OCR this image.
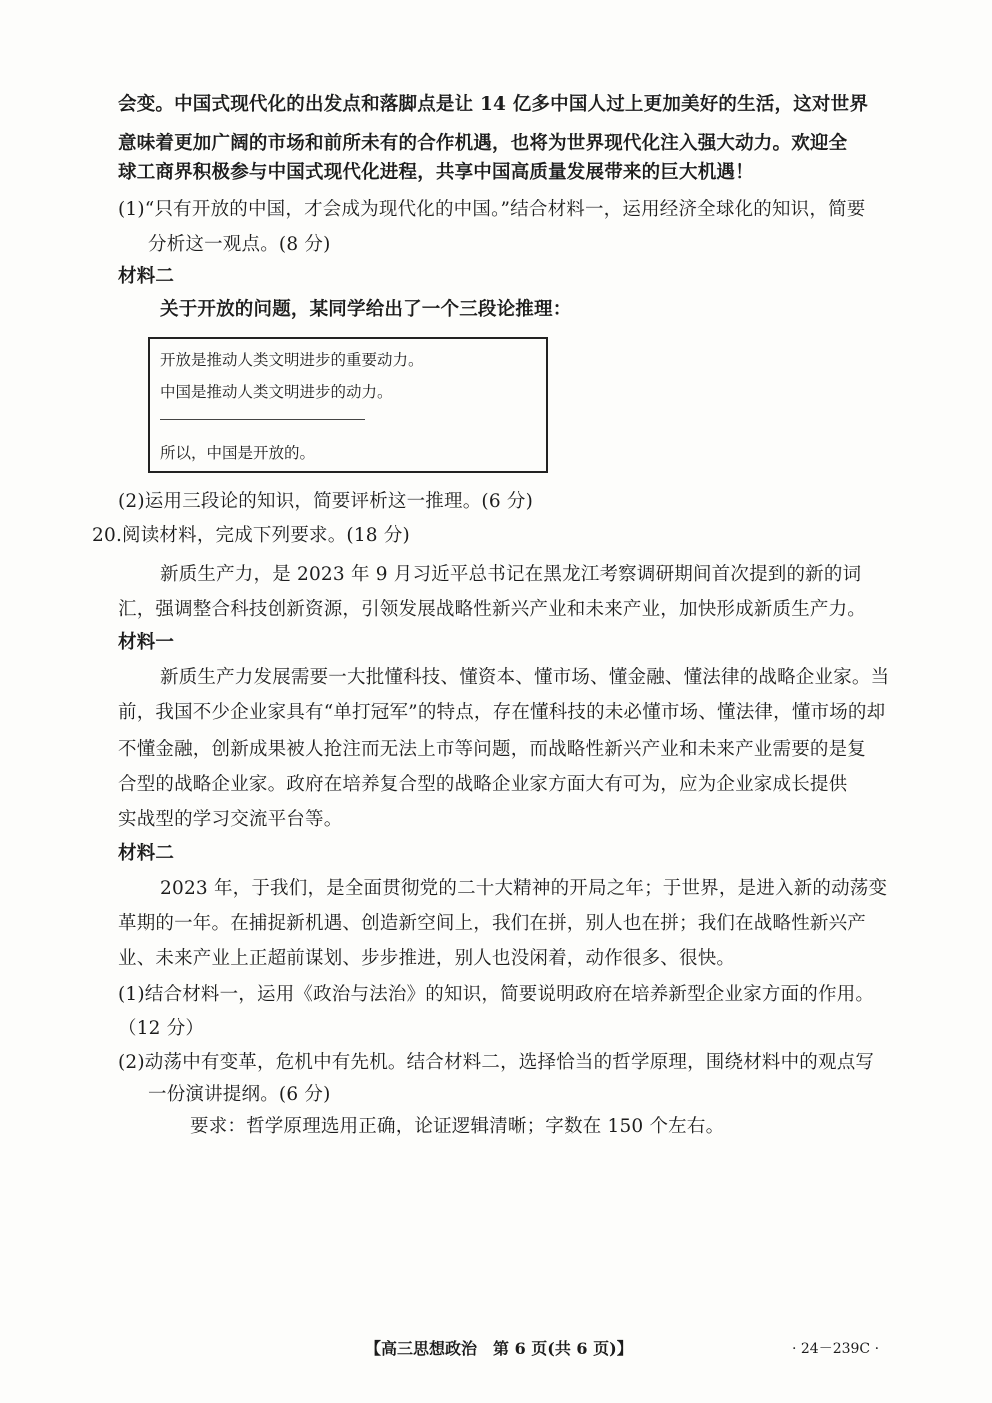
会变。中国式现代化的出发点和落脚点是让 14 亿多中国人过上更加美好的生活，这对世界
意味着更加广阔的市场和前所未有的合作机遇，也将为世界现代化注入强大动力。欢迎全
球工商界积极参与中国式现代化进程，共享中国高质量发展带来的巨大机遇！
(1)“只有开放的中国，才会成为现代化的中国。”结合材料一，运用经济全球化的知识，简要
分析这一观点。(8 分)
材料二
关于开放的问题，某同学给出了一个三段论推理：
(2)运用三段论的知识，简要评析这一推理。(6 分)
20.阅读材料，完成下列要求。(18 分)
新质生产力，是 2023 年 9 月习近平总书记在黑龙江考察调研期间首次提到的新的词
汇，强调整合科技创新资源，引领发展战略性新兴产业和未来产业，加快形成新质生产力。
材料一
新质生产力发展需要一大批懂科技、懂资本、懂市场、懂金融、懂法律的战略企业家。当
前，我国不少企业家具有“单打冠军”的特点，存在懂科技的未必懂市场、懂法律，懂市场的却
不懂金融，创新成果被人抢注而无法上市等问题，而战略性新兴产业和未来产业需要的是复
合型的战略企业家。政府在培养复合型的战略企业家方面大有可为，应为企业家成长提供
实战型的学习交流平台等。
材料二
2023 年，于我们，是全面贯彻党的二十大精神的开局之年；于世界，是进入新的动荡变
革期的一年。在捕捉新机遇、创造新空间上，我们在拼，别人也在拼；我们在战略性新兴产
业、未来产业上正超前谋划、步步推进，别人也没闲着，动作很多、很快。
(1)结合材料一，运用《政治与法治》的知识，简要说明政府在培养新型企业家方面的作用。
（12 分）
(2)动荡中有变革，危机中有先机。结合材料二，选择恰当的哲学原理，围绕材料中的观点写
一份演讲提纲。(6 分)
要求：哲学原理选用正确，论证逻辑清晰；字数在 150 个左右。
开放是推动人类文明进步的重要动力。
中国是推动人类文明进步的动力。
所以，中国是开放的。
【高三思想政治　第 6 页(共 6 页)】	· 24－239C ·
